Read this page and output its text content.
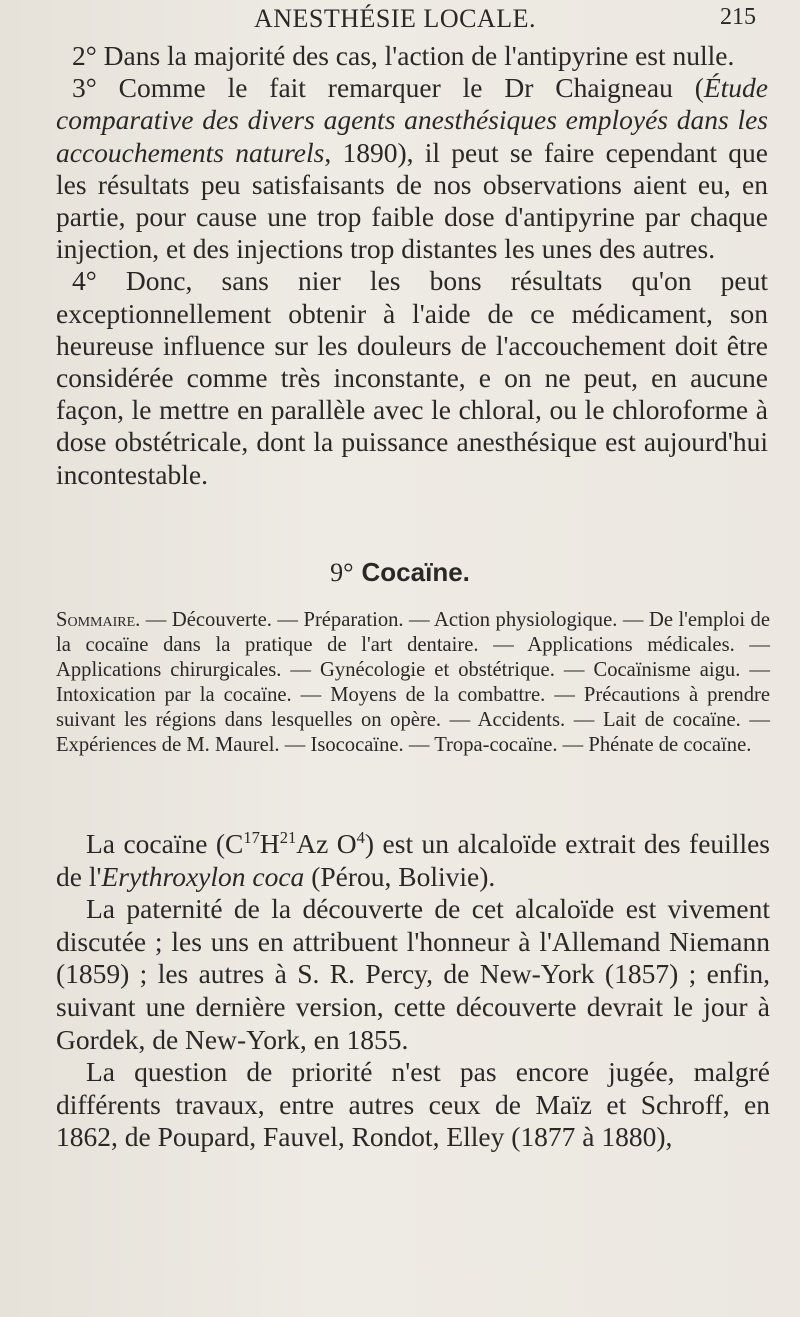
ANESTHÉSIE LOCALE.	215

2° Dans la majorité des cas, l'action de l'antipyrine est nulle.

3° Comme le fait remarquer le Dr Chaigneau (Étude comparative des divers agents anesthésiques employés dans les accouchements naturels, 1890), il peut se faire cependant que les résultats peu satisfaisants de nos observations aient eu, en partie, pour cause une trop faible dose d'antipyrine par chaque injection, et des injections trop distantes les unes des autres.

4° Donc, sans nier les bons résultats qu'on peut exceptionnellement obtenir à l'aide de ce médicament, son heureuse influence sur les douleurs de l'accouchement doit être considérée comme très inconstante, e on ne peut, en aucune façon, le mettre en parallèle avec le chloral, ou le chloroforme à dose obstétricale, dont la puissance anesthésique est aujourd'hui incontestable.

9° Cocaïne.
Sommaire. — Découverte. — Préparation. — Action physiologique. — De l'emploi de la cocaïne dans la pratique de l'art dentaire. — Applications médicales. — Applications chirurgicales. — Gynécologie et obstétrique. — Cocaïnisme aigu. — Intoxication par la cocaïne. — Moyens de la combattre. — Précautions à prendre suivant les régions dans lesquelles on opère. — Accidents. — Lait de cocaïne. — Expériences de M. Maurel. — Isococaïne. — Tropa-cocaïne. — Phénate de cocaïne.

La cocaïne ($C^{17}H^{21}Az$ $O^4$) est un alcaloïde extrait des feuilles de l'Erythroxylon coca (Pérou, Bolivie).

La paternité de la découverte de cet alcaloïde est vivement discutée ; les uns en attribuent l'honneur à l'Allemand Niemann (1859) ; les autres à S. R. Percy, de New-York (1857) ; enfin, suivant une dernière version, cette découverte devrait le jour à Gordek, de New-York, en 1855.

La question de priorité n'est pas encore jugée, malgré différents travaux, entre autres ceux de Maïz et Schroff, en 1862, de Poupard, Fauvel, Rondot, Elley (1877 à 1880),
